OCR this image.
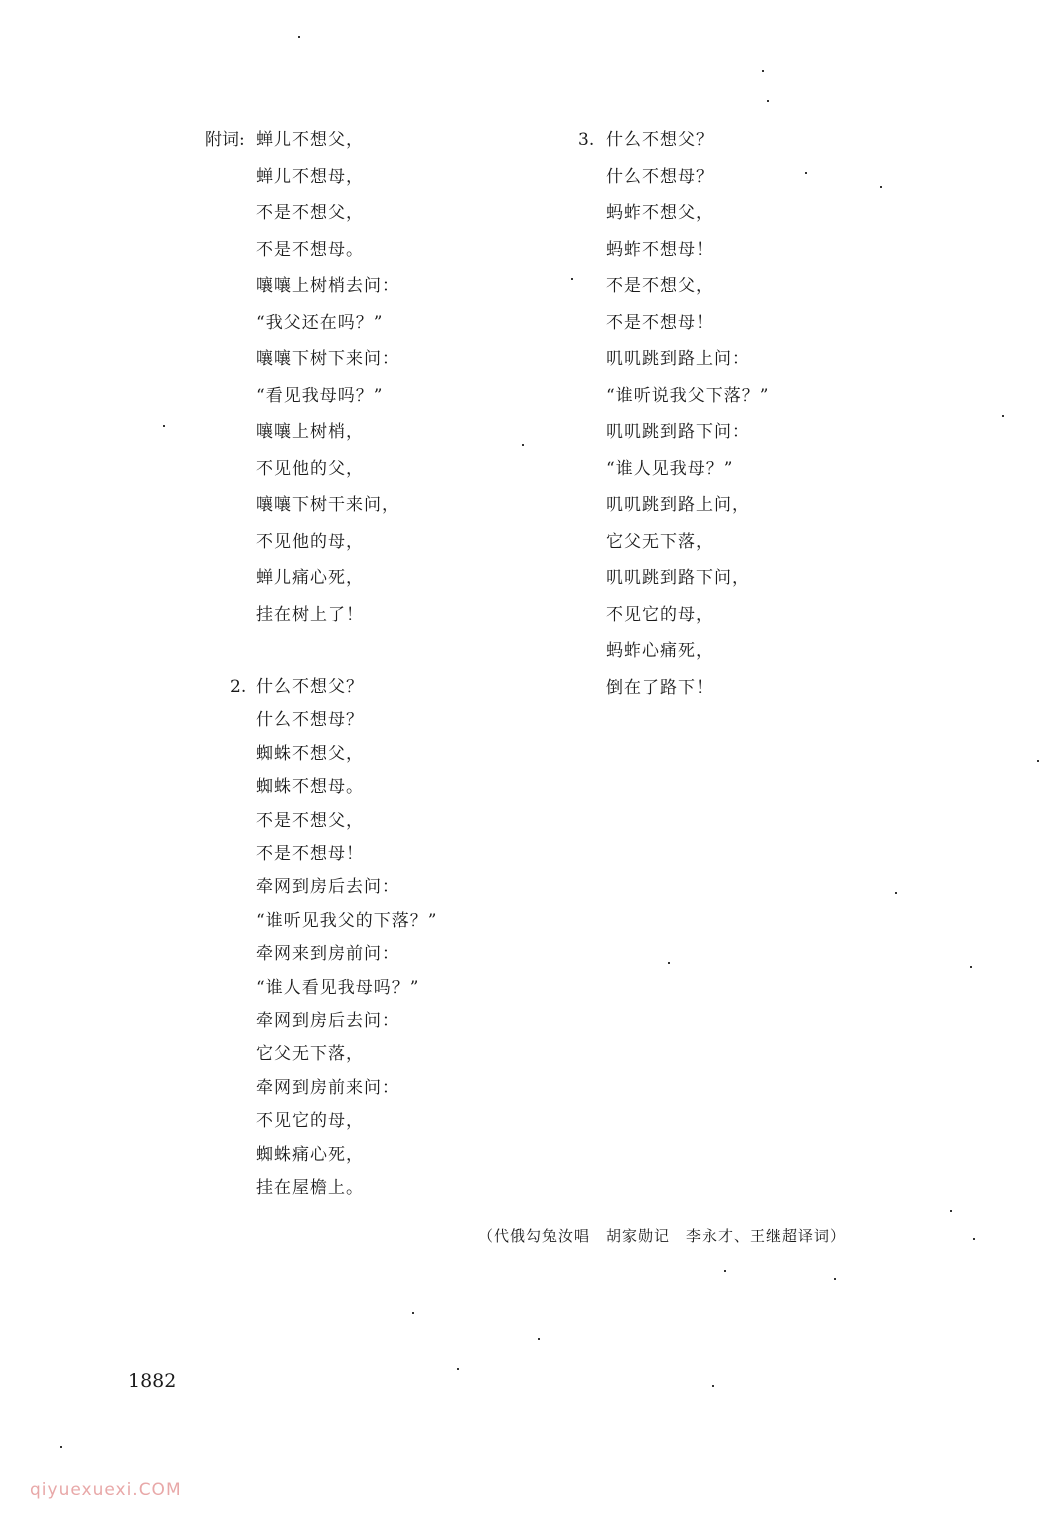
附词: 蝉儿不想父，
蝉儿不想母，
不是不想父，
不是不想母。
嚷嚷上树梢去问：
“我父还在吗？”
嚷嚷下树下来问：
“看见我母吗？”
嚷嚷上树梢，
不见他的父，
嚷嚷下树干来问，
不见他的母，
蝉儿痛心死，
挂在树上了！
2. 什么不想父？
什么不想母？
蜘蛛不想父，
蜘蛛不想母。
不是不想父，
不是不想母！
牵网到房后去问：
“谁听见我父的下落？”
牵网来到房前问：
“谁人看见我母吗？”
牵网到房后去问：
它父无下落，
牵网到房前来问：
不见它的母，
蜘蛛痛心死，
挂在屋檐上。
3. 什么不想父？
什么不想母？
蚂蚱不想父，
蚂蚱不想母！
不是不想父，
不是不想母！
叽叽跳到路上问：
“谁听说我父下落？”
叽叽跳到路下问：
“谁人见我母？”
叽叽跳到路上问，
它父无下落，
叽叽跳到路下问，
不见它的母，
蚂蚱心痛死，
倒在了路下！
（代俄勾兔汝唱　胡家勋记　李永才、王继超译词）
1882
qiyuexuexi.COM
